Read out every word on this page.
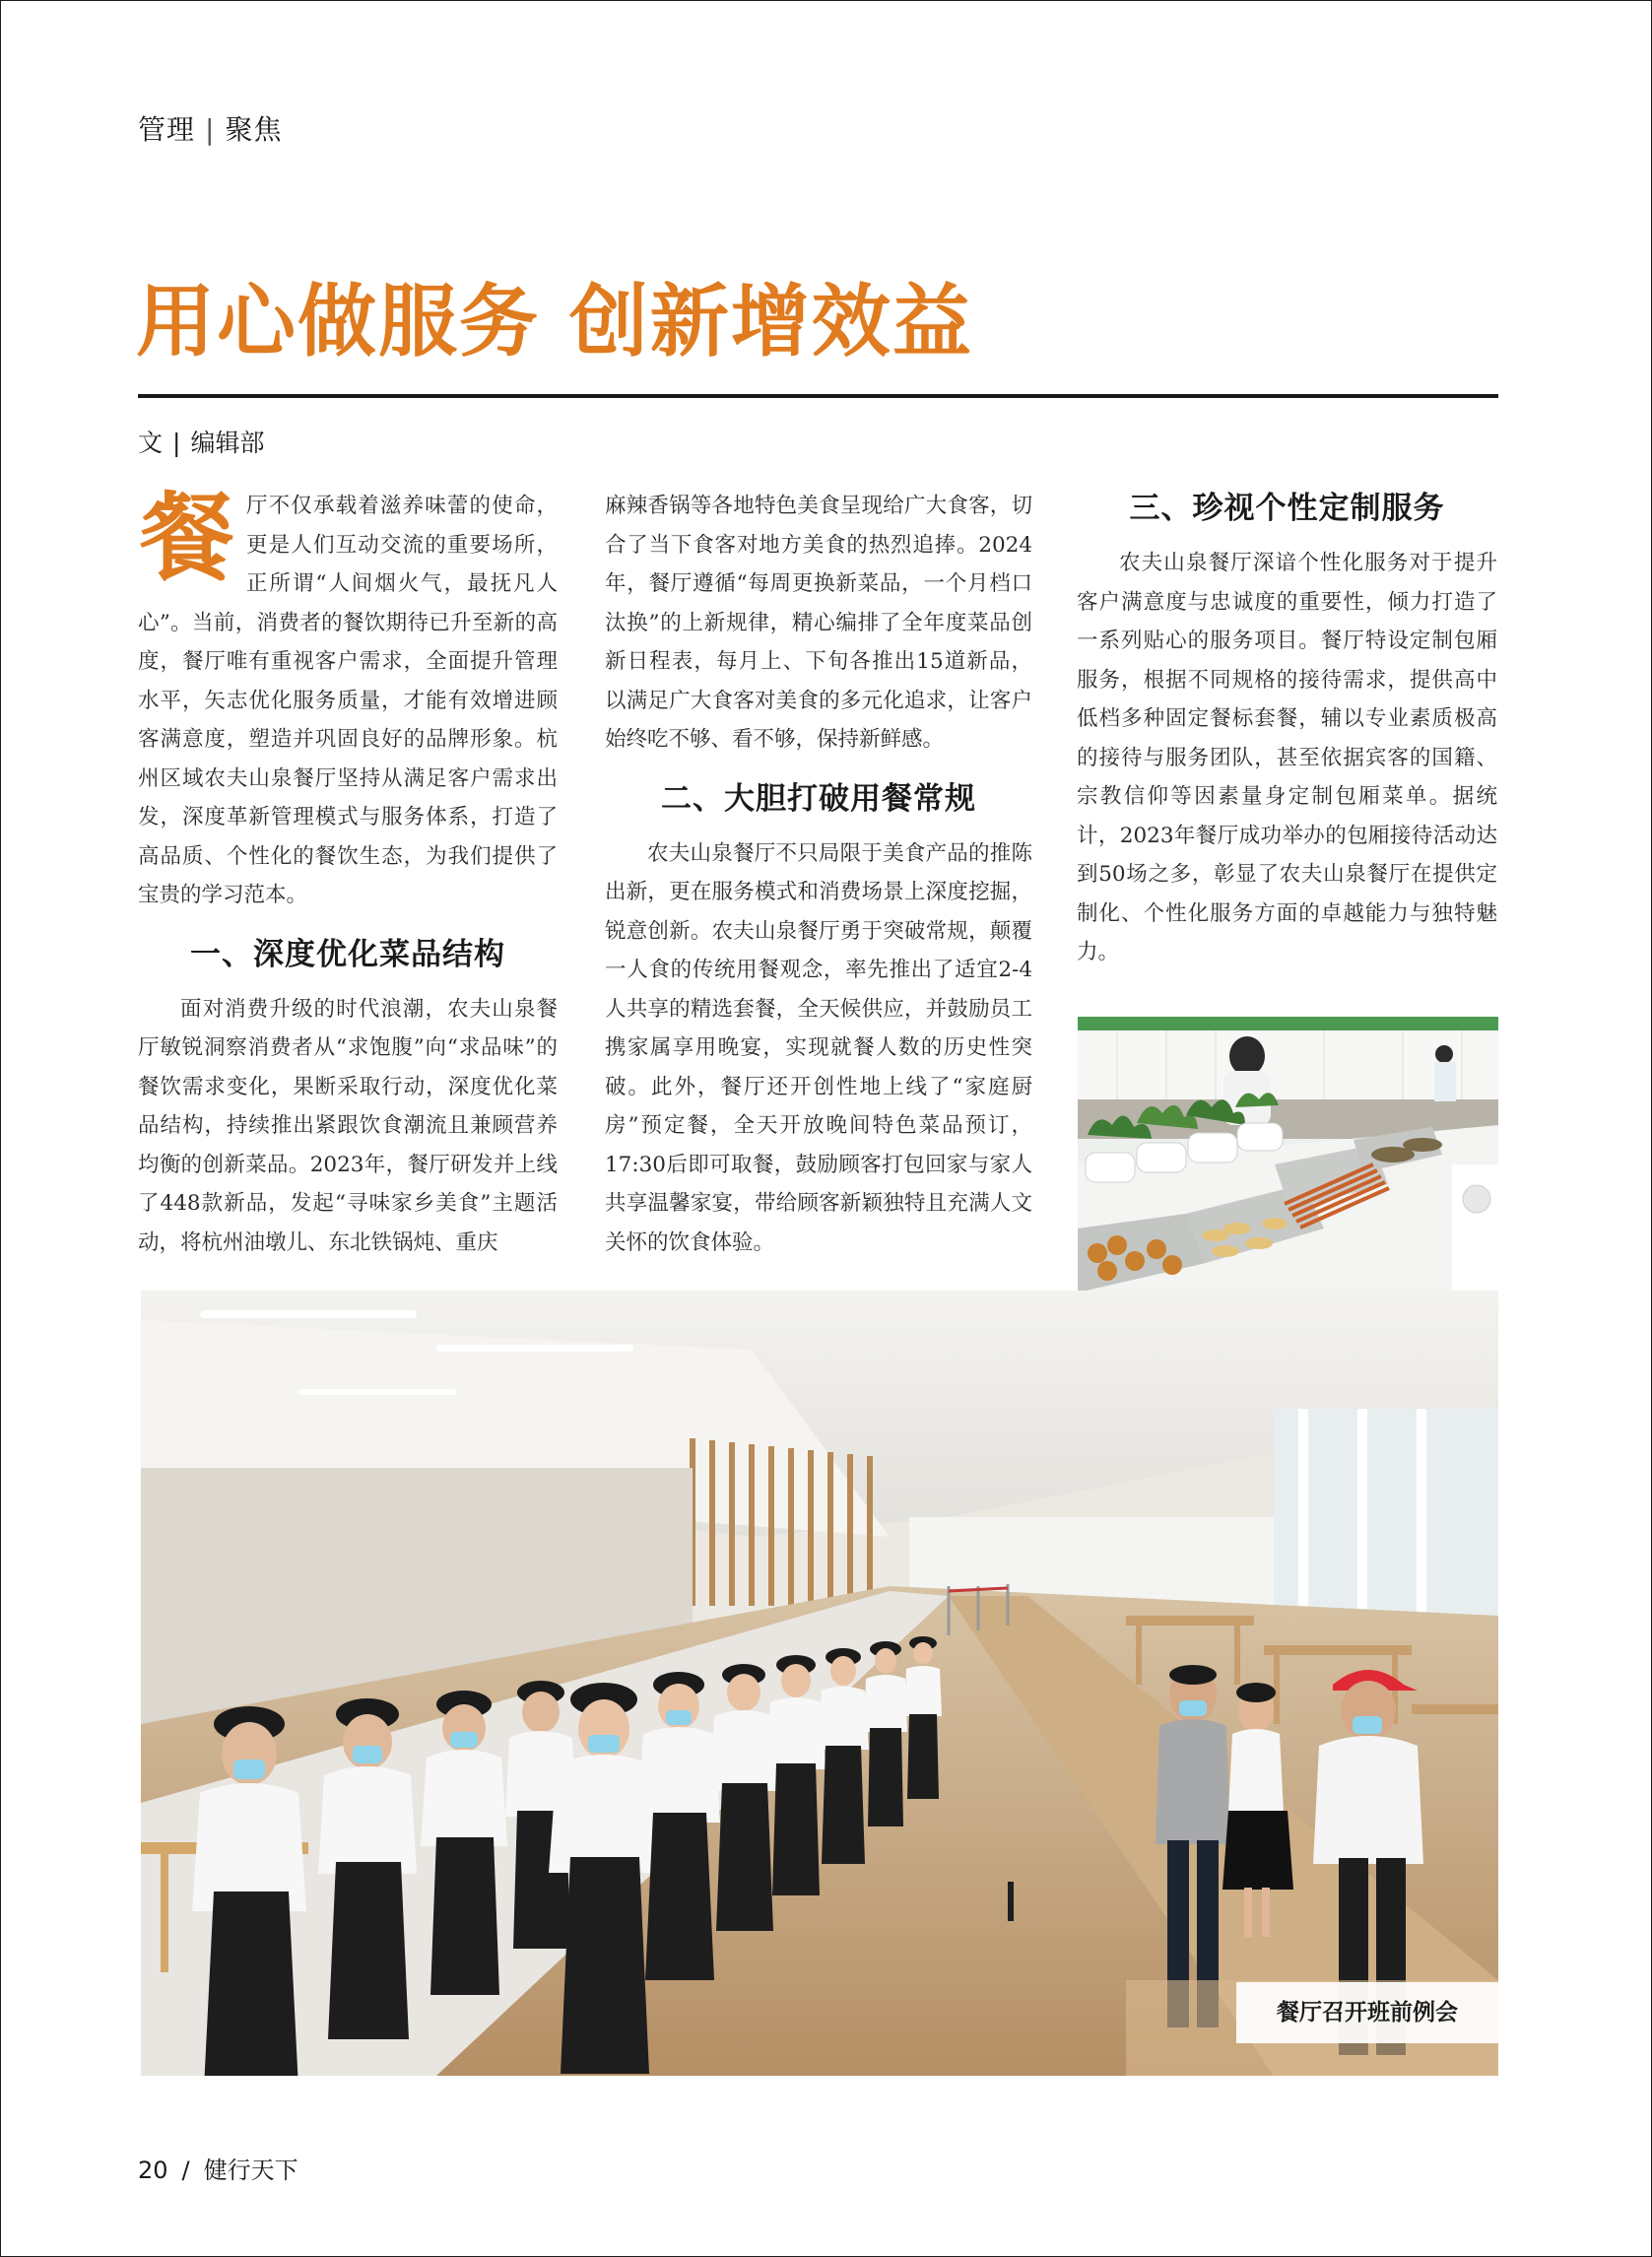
管理 | 聚焦
用心做服务 创新增效益
文 | 编辑部
餐 厅不仅承载着滋养味蕾的使命，更是人们互动交流的重要场所，正所谓“人间烟火气，最抚凡人心”。当前，消费者的餐饮期待已升至新的高度，餐厅唯有重视客户需求，全面提升管理水平，矢志优化服务质量，才能有效增进顾客满意度，塑造并巩固良好的品牌形象。杭州区域农夫山泉餐厅坚持从满足客户需求出发，深度革新管理模式与服务体系，打造了高品质、个性化的餐饮生态，为我们提供了宝贵的学习范本。

一、深度优化菜品结构

面对消费升级的时代浪潮，农夫山泉餐厅敏锐洞察消费者从“求饱腹”向“求品味”的餐饮需求变化，果断采取行动，深度优化菜品结构，持续推出紧跟饮食潮流且兼顾营养均衡的创新菜品。2023年，餐厅研发并上线了448款新品，发起“寻味家乡美食”主题活动，将杭州油墩儿、东北铁锅炖、重庆

麻辣香锅等各地特色美食呈现给广大食客，切合了当下食客对地方美食的热烈追捧。2024年，餐厅遵循“每周更换新菜品，一个月档口汰换”的上新规律，精心编排了全年度菜品创新日程表，每月上、下旬各推出15道新品，以满足广大食客对美食的多元化追求，让客户始终吃不够、看不够，保持新鲜感。

二、大胆打破用餐常规

农夫山泉餐厅不只局限于美食产品的推陈出新，更在服务模式和消费场景上深度挖掘，锐意创新。农夫山泉餐厅勇于突破常规，颠覆一人食的传统用餐观念，率先推出了适宜2-4人共享的精选套餐，全天候供应，并鼓励员工携家属享用晚宴，实现就餐人数的历史性突破。此外，餐厅还开创性地上线了“家庭厨房”预定餐，全天开放晚间特色菜品预订，17:30后即可取餐，鼓励顾客打包回家与家人共享温馨家宴，带给顾客新颖独特且充满人文关怀的饮食体验。

三、珍视个性定制服务

农夫山泉餐厅深谙个性化服务对于提升客户满意度与忠诚度的重要性，倾力打造了一系列贴心的服务项目。餐厅特设定制包厢服务，根据不同规格的接待需求，提供高中低档多种固定餐标套餐，辅以专业素质极高的接待与服务团队，甚至依据宾客的国籍、宗教信仰等因素量身定制包厢菜单。据统计，2023年餐厅成功举办的包厢接待活动达到50场之多，彰显了农夫山泉餐厅在提供定制化、个性化服务方面的卓越能力与独特魅力。

餐厅召开班前例会
20 / 健行天下
